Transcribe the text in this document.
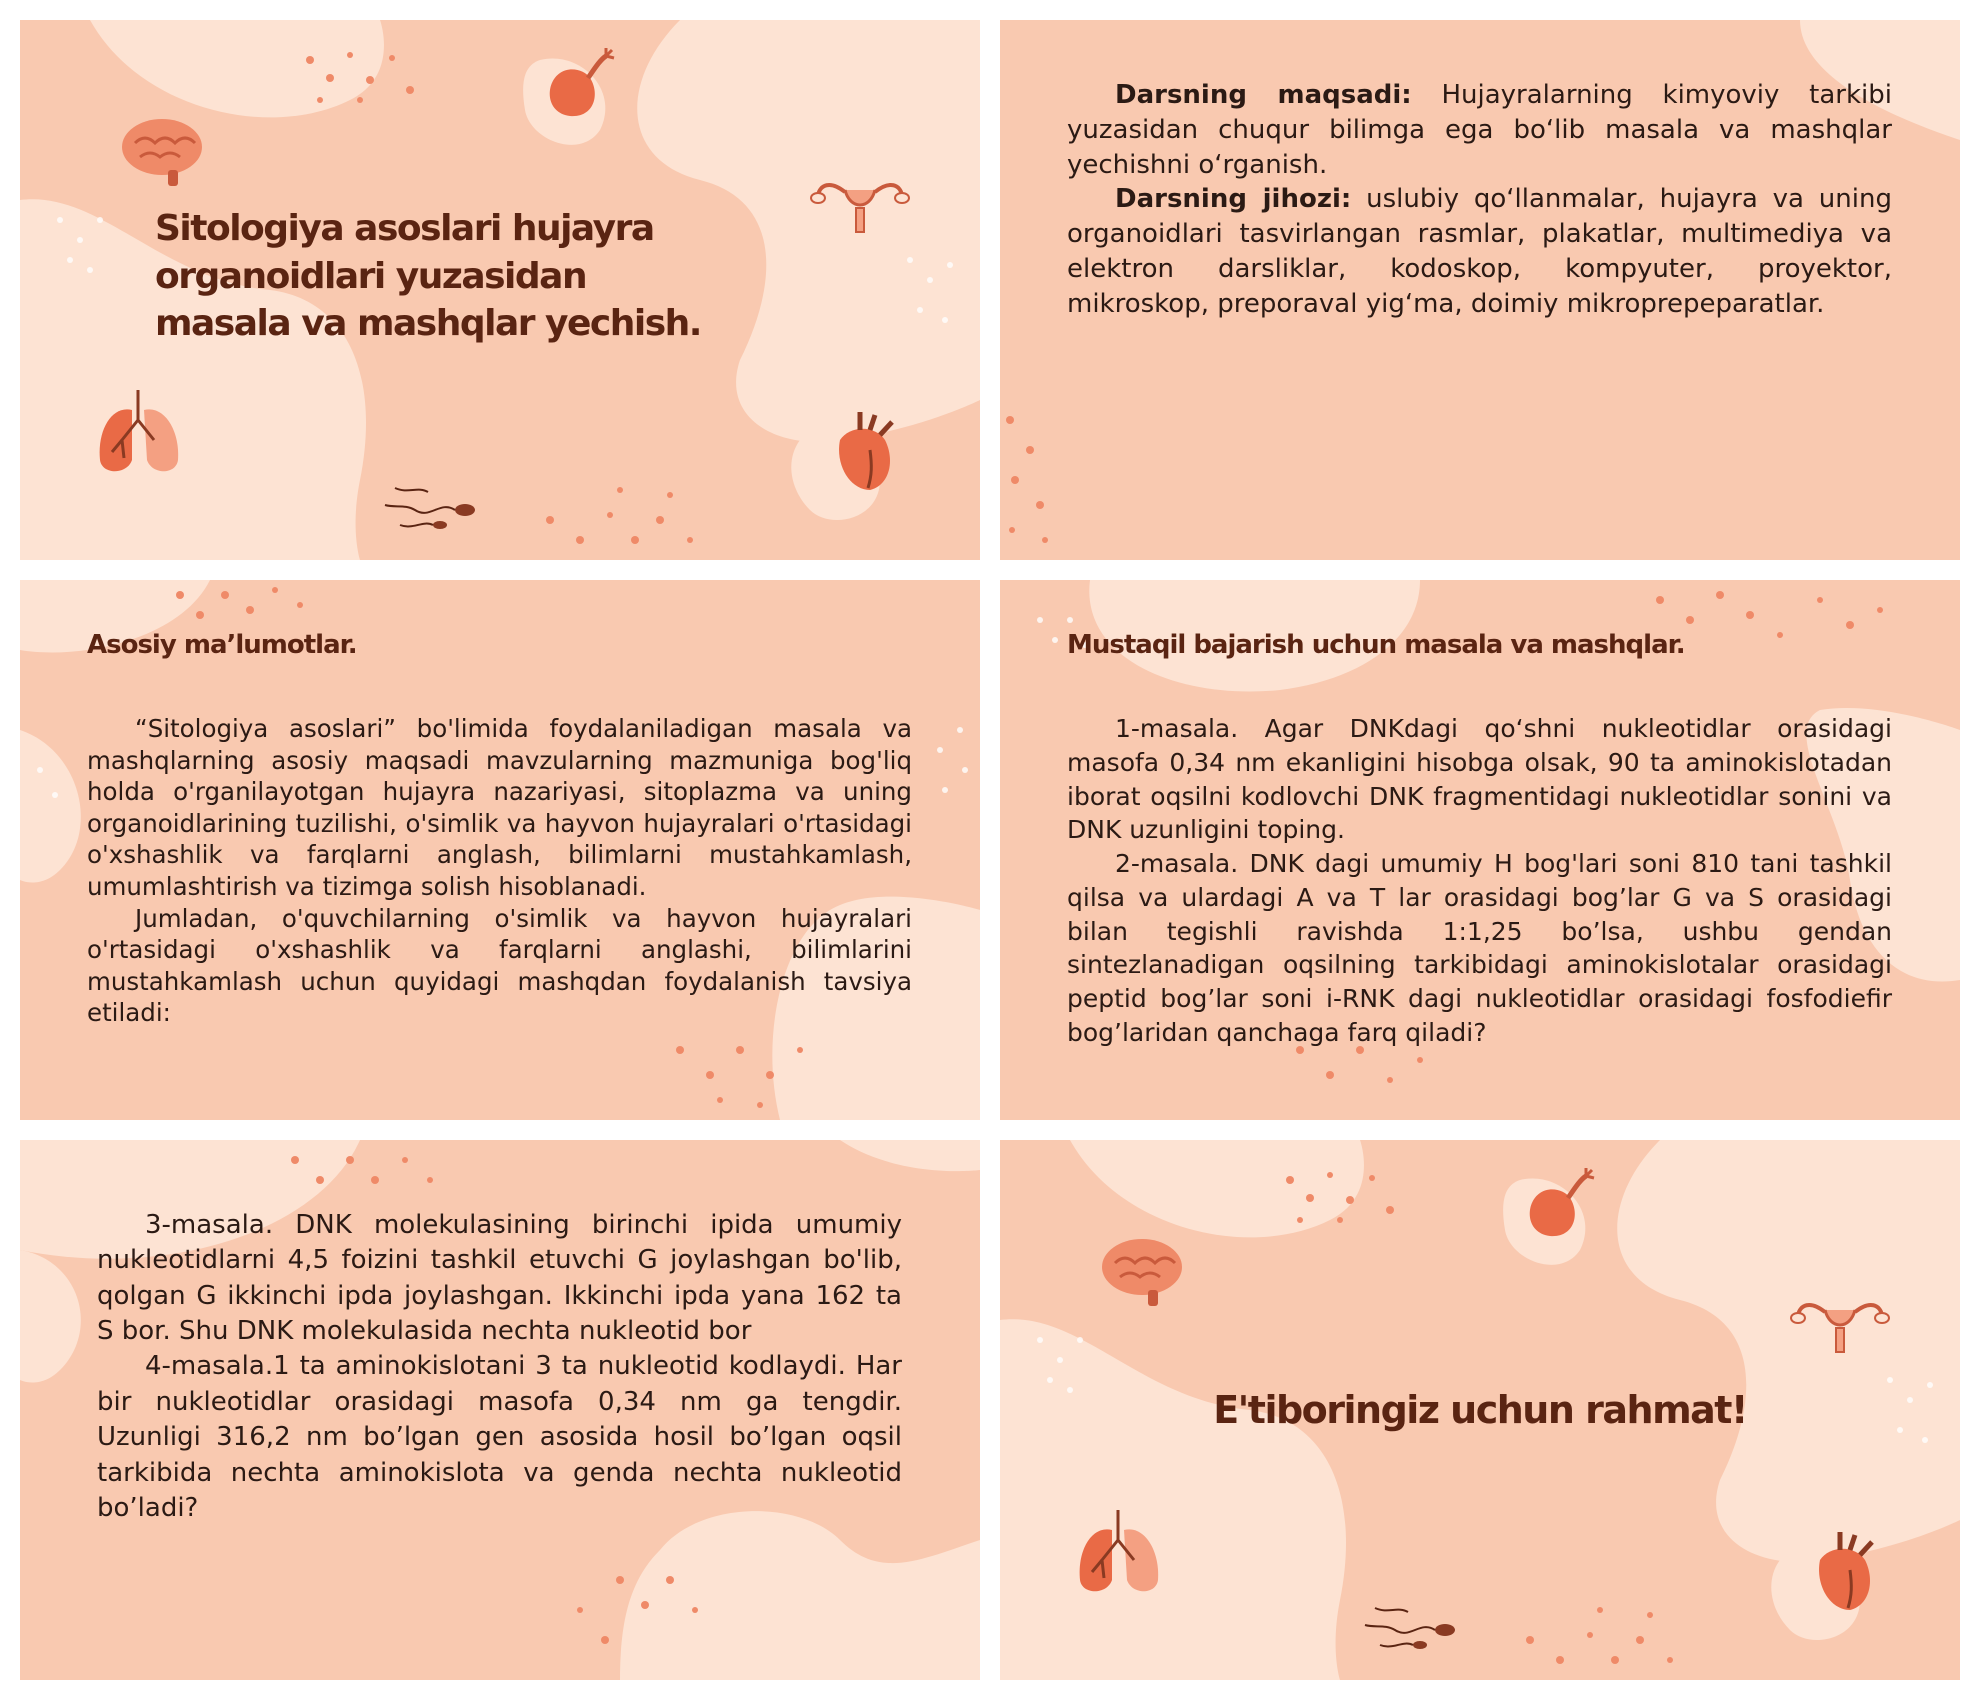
Sitologiya asoslari hujayra organoidlari yuzasidan masala va mashqlar yechish.

Darsning maqsadi: Hujayralarning kimyoviy tarkibi yuzasidan chuqur bilimga ega bo‘lib masala va mashqlar yechishni o‘rganish.

Darsning jihozi: uslubiy qo‘llanmalar, hujayra va uning organoidlari tasvirlangan rasmlar, plakatlar, multimediya va elektron darsliklar, kodoskop, kompyuter, proyektor, mikroskop, preporaval yig‘ma, doimiy mikroprepeparatlar.

Asosiy ma’lumotlar.

“Sitologiya asoslari” bo'limida foydalaniladigan masala va mashqlarning asosiy maqsadi mavzularning mazmuniga bog'liq holda o'rganilayotgan hujayra nazariyasi, sitoplazma va uning organoidlarining tuzilishi, o'simlik va hayvon hujayralari o'rtasidagi o'xshashlik va farqlarni anglash, bilimlarni mustahkamlash, umumlashtirish va tizimga solish hisoblanadi.

Jumladan, o'quvchilarning o'simlik va hayvon hujayralari o'rtasidagi o'xshashlik va farqlarni anglashi, bilimlarini mustahkamlash uchun quyidagi mashqdan foydalanish tavsiya etiladi:

Mustaqil bajarish uchun masala va mashqlar.

1-masala. Agar DNKdagi qo‘shni nukleotidlar orasidagi masofa 0,34 nm ekanligini hisobga olsak, 90 ta aminokislotadan iborat oqsilni kodlovchi DNK fragmentidagi nukleotidlar sonini va DNK uzunligini toping.

2-masala. DNK dagi umumiy H bog'lari soni 810 tani tashkil qilsa va ulardagi A va T lar orasidagi bog’lar G va S orasidagi bilan tegishli ravishda 1:1,25 bo’lsa, ushbu gendan sintezlanadigan oqsilning tarkibidagi aminokislotalar orasidagi peptid bog’lar soni i-RNK dagi nukleotidlar orasidagi fosfodiefir bog’laridan qanchaga farq qiladi?

3-masala. DNK molekulasining birinchi ipida umumiy nukleotidlarni 4,5 foizini tashkil etuvchi G joylashgan bo'lib, qolgan G ikkinchi ipda joylashgan. Ikkinchi ipda yana 162 ta S bor. Shu DNK molekulasida nechta nukleotid bor

4-masala.1 ta aminokislotani 3 ta nukleotid kodlaydi. Har bir nukleotidlar orasidagi masofa 0,34 nm ga tengdir. Uzunligi 316,2 nm bo’lgan gen asosida hosil bo’lgan oqsil tarkibida nechta aminokislota va genda nechta nukleotid bo’ladi?

E'tiboringiz uchun rahmat!
